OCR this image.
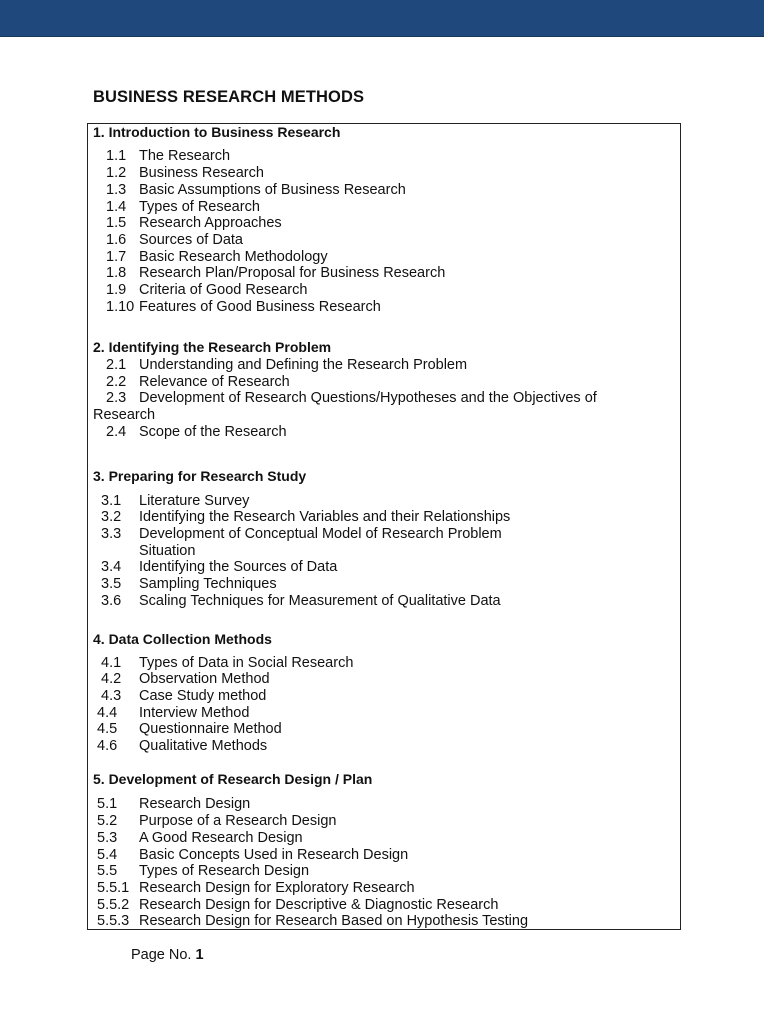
BUSINESS RESEARCH METHODS
1. Introduction to Business Research
1.1 The Research
1.2 Business Research
1.3 Basic Assumptions of Business Research
1.4 Types of Research
1.5 Research Approaches
1.6 Sources of Data
1.7 Basic Research Methodology
1.8 Research Plan/Proposal for Business Research
1.9 Criteria of Good Research
1.10 Features of Good Business Research
2. Identifying the Research Problem
2.1 Understanding and Defining the Research Problem
2.2 Relevance of Research
2.3 Development of Research Questions/Hypotheses and the Objectives of
Research
2.4 Scope of the Research
3. Preparing for Research Study
3.1 Literature Survey
3.2 Identifying the Research Variables and their Relationships
3.3 Development of Conceptual Model of Research Problem
Situation
3.4 Identifying the Sources of Data
3.5 Sampling Techniques
3.6 Scaling Techniques for Measurement of Qualitative Data
4. Data Collection Methods
4.1 Types of Data in Social Research
4.2 Observation Method
4.3 Case Study method
4.4 Interview Method
4.5 Questionnaire Method
4.6 Qualitative Methods
5. Development of Research Design / Plan
5.1 Research Design
5.2 Purpose of a Research Design
5.3 A Good Research Design
5.4 Basic Concepts Used in Research Design
5.5 Types of Research Design
5.5.1 Research Design for Exploratory Research
5.5.2 Research Design for Descriptive & Diagnostic Research
5.5.3 Research Design for Research Based on Hypothesis Testing
Page No. 1
